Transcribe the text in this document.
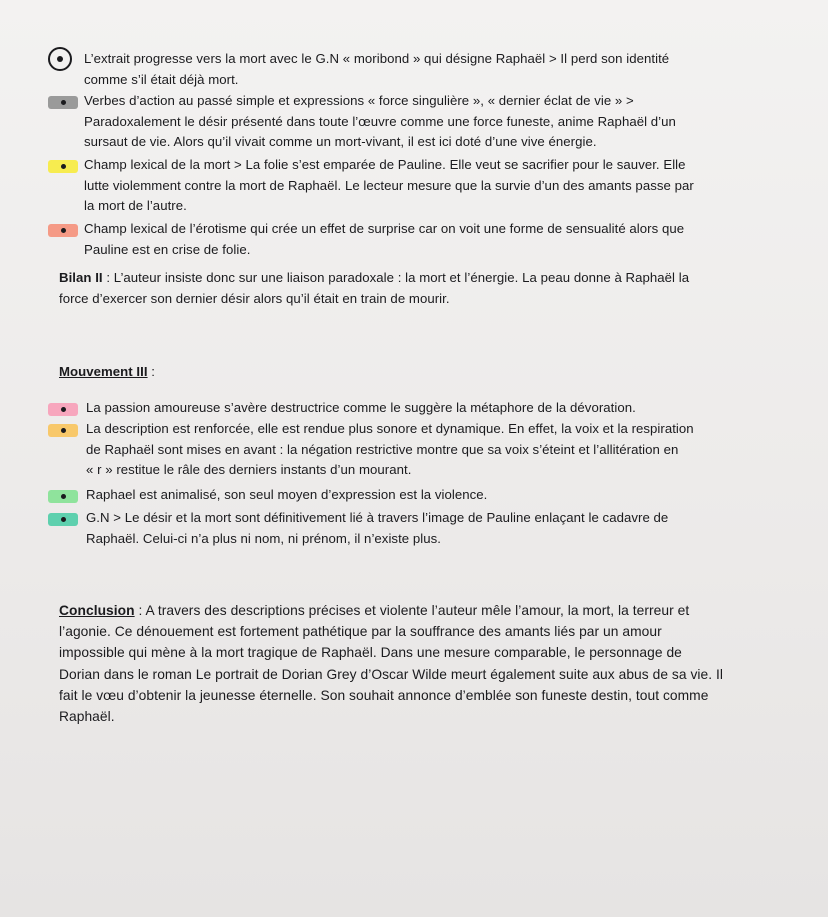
L’extrait progresse vers la mort avec le G.N « moribond » qui désigne Raphaël > Il perd son identité
comme s’il était déjà mort.
Verbes d’action au passé simple et expressions « force singulière », « dernier éclat de vie » >
Paradoxalement le désir présenté dans toute l’œuvre comme une force funeste, anime Raphaël d’un
sursaut de vie. Alors qu’il vivait comme un mort-vivant, il est ici doté d’une vive énergie.
Champ lexical de la mort > La folie s’est emparée de Pauline. Elle veut se sacrifier pour le sauver. Elle
lutte violemment contre la mort de Raphaël. Le lecteur mesure que la survie d’un des amants passe par
la mort de l’autre.
Champ lexical de l’érotisme qui crée un effet de surprise car on voit une forme de sensualité alors que
Pauline est en crise de folie.
Bilan II : L’auteur insiste donc sur une liaison paradoxale : la mort et l’énergie. La peau donne à Raphaël la
force d’exercer son dernier désir alors qu’il était en train de mourir.
Mouvement III :
La passion amoureuse s’avère destructrice comme le suggère la métaphore de la dévoration.
La description est renforcée, elle est rendue plus sonore et dynamique. En effet, la voix et la respiration
de Raphaël sont mises en avant : la négation restrictive montre que sa voix s’éteint et l’allitération en
« r » restitue le râle des derniers instants d’un mourant.
Raphael est animalisé, son seul moyen d’expression est la violence.
G.N > Le désir et la mort sont définitivement lié à travers l’image de Pauline enlaçant le cadavre de
Raphaël. Celui-ci n’a plus ni nom, ni prénom, il n’existe plus.
Conclusion : A travers des descriptions précises et violente l’auteur mêle l’amour, la mort, la terreur et
l’agonie. Ce dénouement est fortement pathétique par la souffrance des amants liés par un amour
impossible qui mène à la mort tragique de Raphaël. Dans une mesure comparable, le personnage de
Dorian dans le roman Le portrait de Dorian Grey d’Oscar Wilde meurt également suite aux abus de sa vie. Il
fait le vœu d’obtenir la jeunesse éternelle. Son souhait annonce d’emblée son funeste destin, tout comme
Raphaël.
